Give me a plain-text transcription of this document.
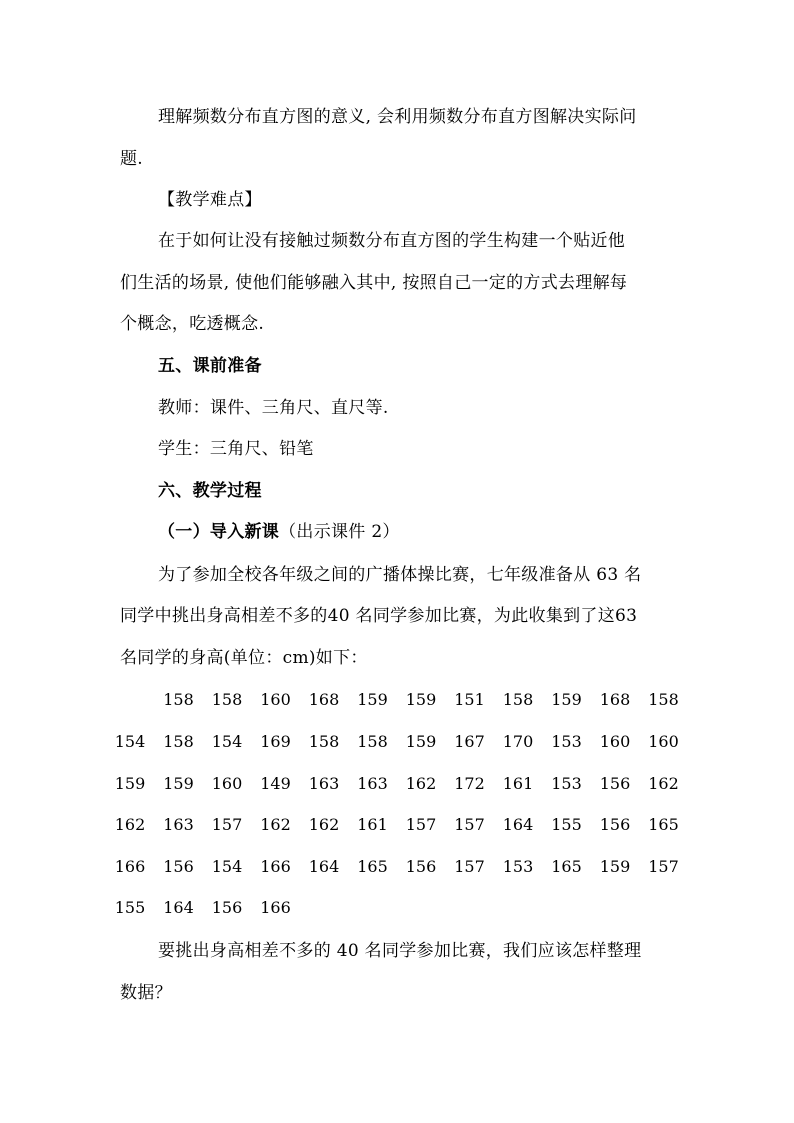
理解频数分布直方图的意义, 会利用频数分布直方图解决实际问
题.
【教学难点】
在于如何让没有接触过频数分布直方图的学生构建一个贴近他
们生活的场景, 使他们能够融入其中, 按照自己一定的方式去理解每
个概念，吃透概念.
五、课前准备
教师：课件、三角尺、直尺等.
学生：三角尺、铅笔
六、教学过程
（一）导入新课（出示课件 2）
为了参加全校各年级之间的广播体操比赛，七年级准备从 63 名
同学中挑出身高相差不多的40 名同学参加比赛，为此收集到了这63
名同学的身高(单位：cm)如下：
158	158	160	168	159	159	151	158	159	168	158
154	158	154	169	158	158	159	167	170	153	160	160
159	159	160	149	163	163	162	172	161	153	156	162
162	163	157	162	162	161	157	157	164	155	156	165
166	156	154	166	164	165	156	157	153	165	159	157
155	164	156	166
要挑出身高相差不多的 40 名同学参加比赛，我们应该怎样整理
数据？
